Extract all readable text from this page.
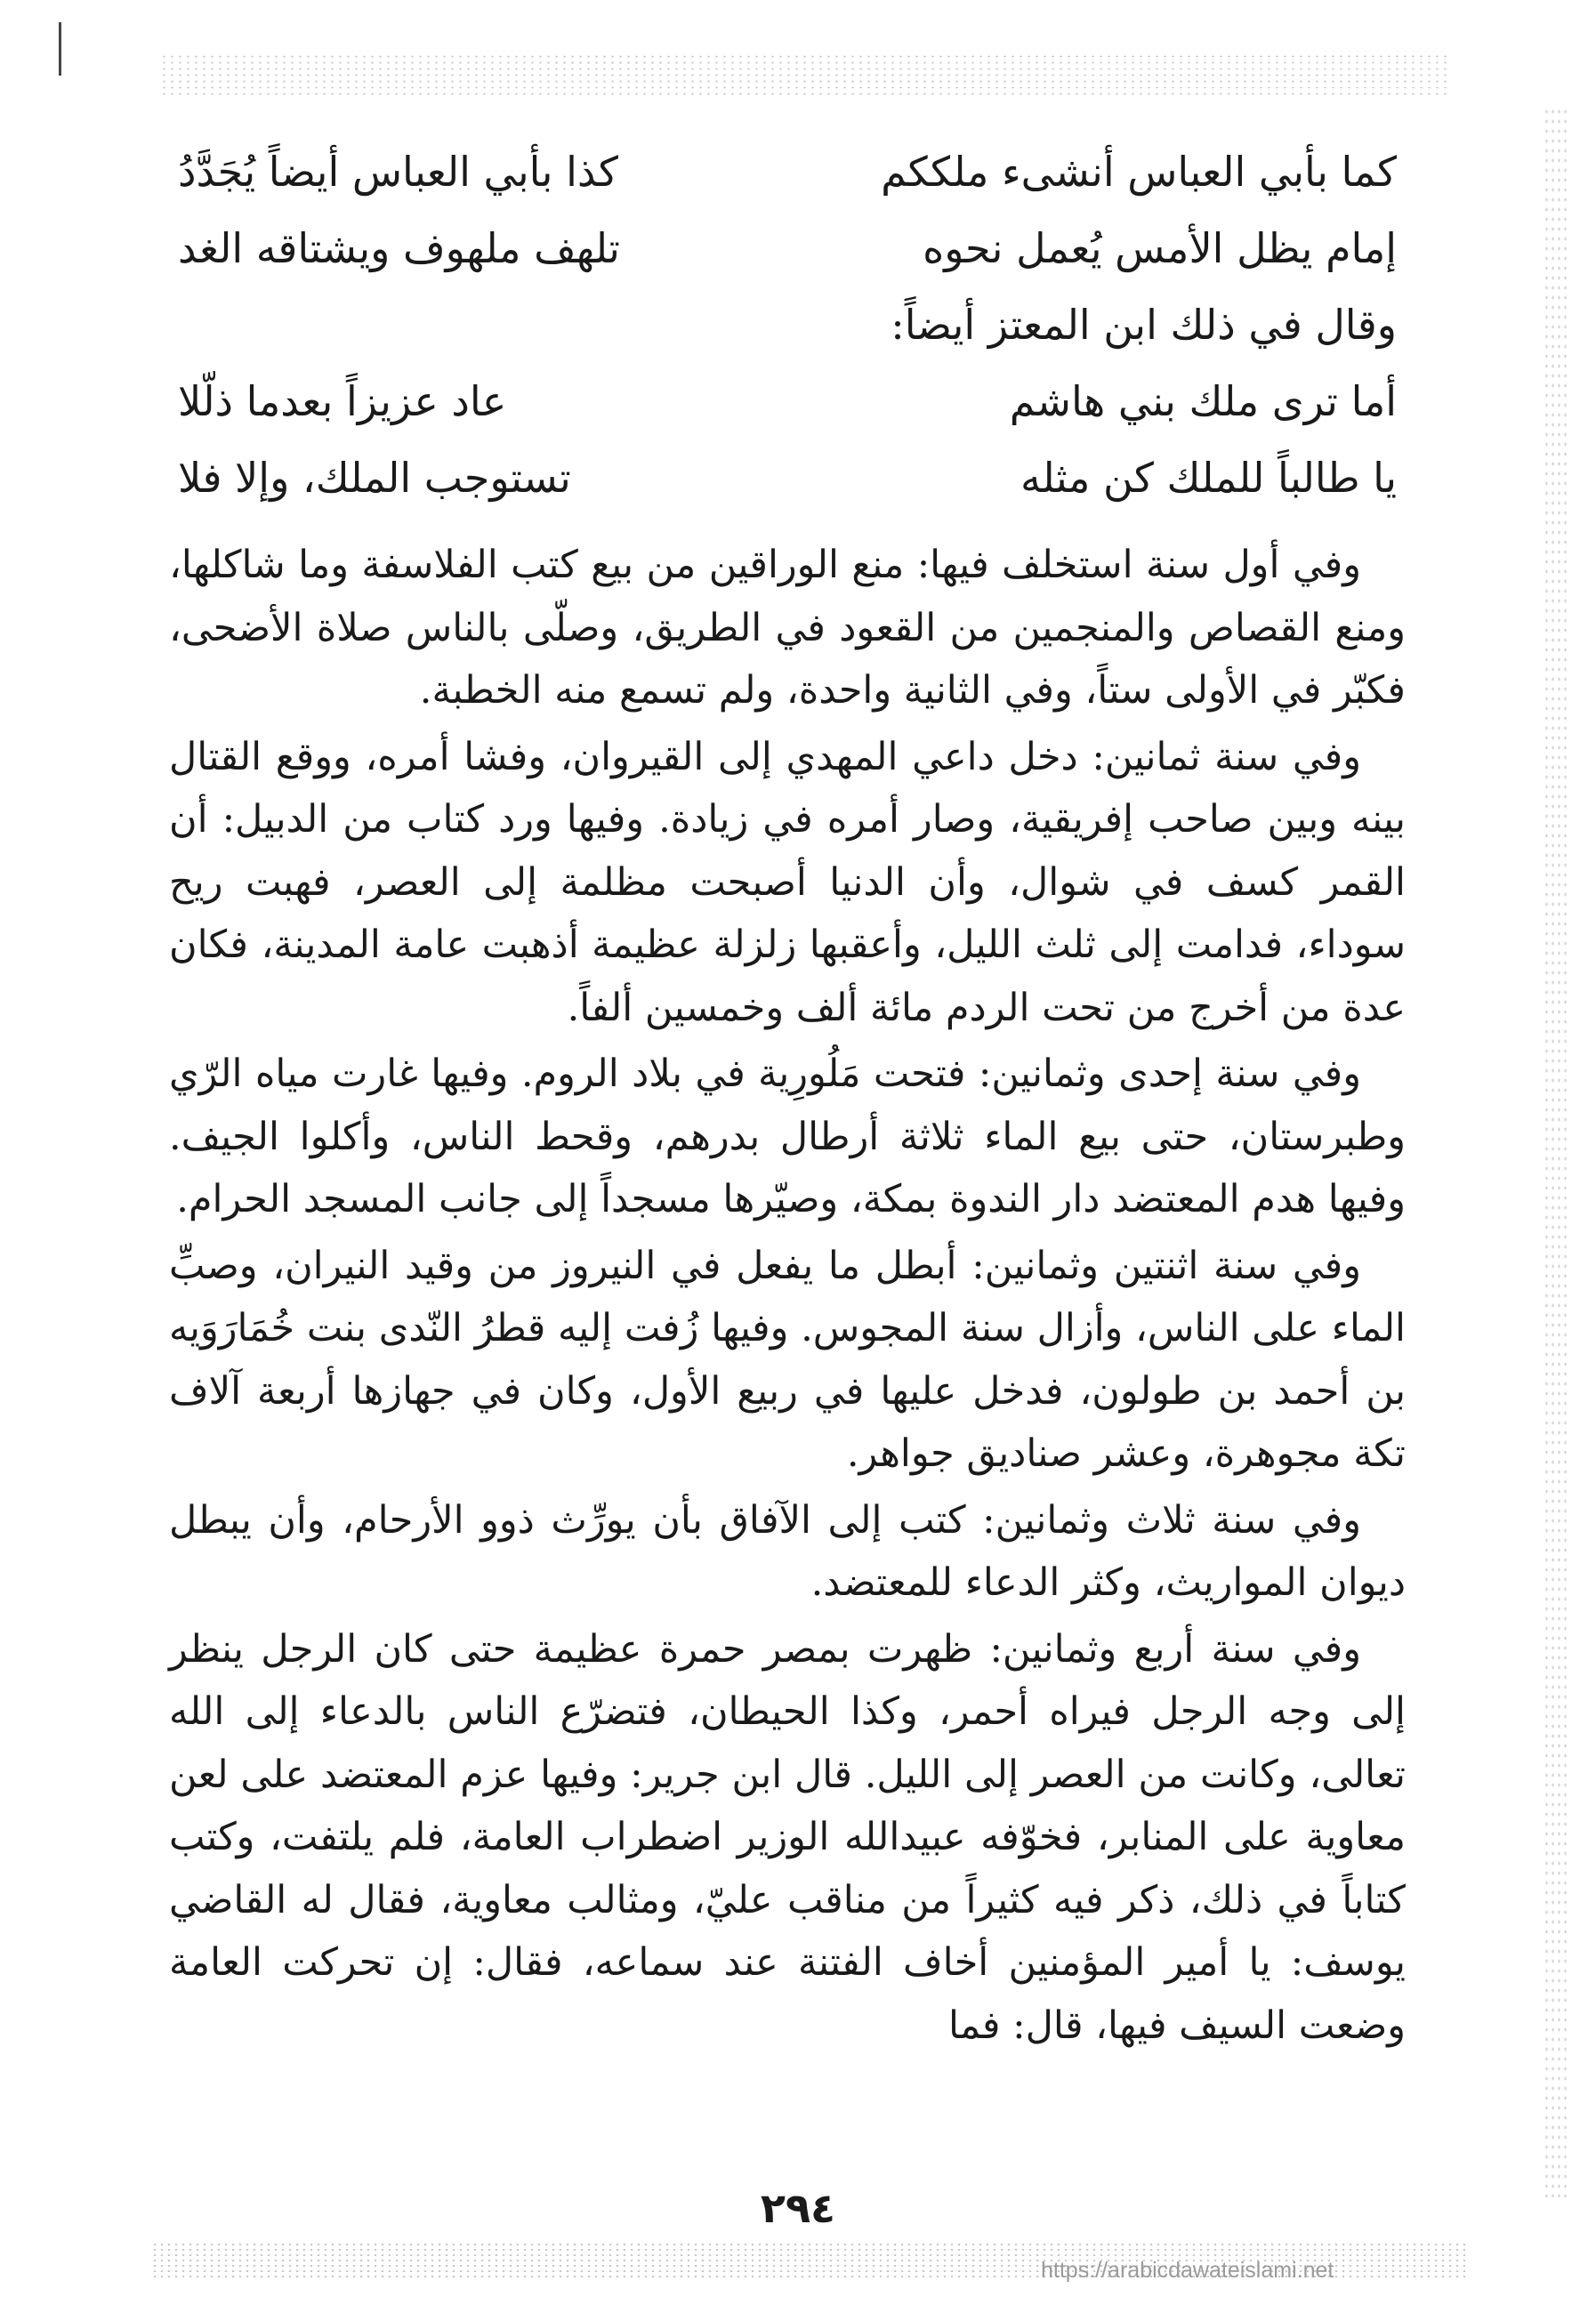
كما بأبي العباس أنشىء ملككم
كذا بأبي العباس أيضاً يُجَدَّدُ
إمام يظل الأمس يُعمل نحوه
تلهف ملهوف ويشتاقه الغد
وقال في ذلك ابن المعتز أيضاً:
أما ترى ملك بني هاشم
عاد عزيزاً بعدما ذلّلا
يا طالباً للملك كن مثله
تستوجب الملك، وإلا فلا

وفي أول سنة استخلف فيها: منع الوراقين من بيع كتب الفلاسفة وما شاكلها، ومنع القصاص والمنجمين من القعود في الطريق، وصلّى بالناس صلاة الأضحى، فكبّر في الأولى ستاً، وفي الثانية واحدة، ولم تسمع منه الخطبة.

وفي سنة ثمانين: دخل داعي المهدي إلى القيروان، وفشا أمره، ووقع القتال بينه وبين صاحب إفريقية، وصار أمره في زيادة. وفيها ورد كتاب من الدبيل: أن القمر كسف في شوال، وأن الدنيا أصبحت مظلمة إلى العصر، فهبت ريح سوداء، فدامت إلى ثلث الليل، وأعقبها زلزلة عظيمة أذهبت عامة المدينة، فكان عدة من أخرج من تحت الردم مائة ألف وخمسين ألفاً.

وفي سنة إحدى وثمانين: فتحت مَلُورِية في بلاد الروم. وفيها غارت مياه الرّي وطبرستان، حتى بيع الماء ثلاثة أرطال بدرهم، وقحط الناس، وأكلوا الجيف. وفيها هدم المعتضد دار الندوة بمكة، وصيّرها مسجداً إلى جانب المسجد الحرام.

وفي سنة اثنتين وثمانين: أبطل ما يفعل في النيروز من وقيد النيران، وصبِّ الماء على الناس، وأزال سنة المجوس. وفيها زُفت إليه قطرُ النّدى بنت خُمَارَوَيه بن أحمد بن طولون، فدخل عليها في ربيع الأول، وكان في جهازها أربعة آلاف تكة مجوهرة، وعشر صناديق جواهر.

وفي سنة ثلاث وثمانين: كتب إلى الآفاق بأن يورِّث ذوو الأرحام، وأن يبطل ديوان المواريث، وكثر الدعاء للمعتضد.

وفي سنة أربع وثمانين: ظهرت بمصر حمرة عظيمة حتى كان الرجل ينظر إلى وجه الرجل فيراه أحمر، وكذا الحيطان، فتضرّع الناس بالدعاء إلى الله تعالى، وكانت من العصر إلى الليل. قال ابن جرير: وفيها عزم المعتضد على لعن معاوية على المنابر، فخوّفه عبيدالله الوزير اضطراب العامة، فلم يلتفت، وكتب كتاباً في ذلك، ذكر فيه كثيراً من مناقب عليّ، ومثالب معاوية، فقال له القاضي يوسف: يا أمير المؤمنين أخاف الفتنة عند سماعه، فقال: إن تحركت العامة وضعت السيف فيها، قال: فما

٢٩٤
https://arabicdawateislami.net
